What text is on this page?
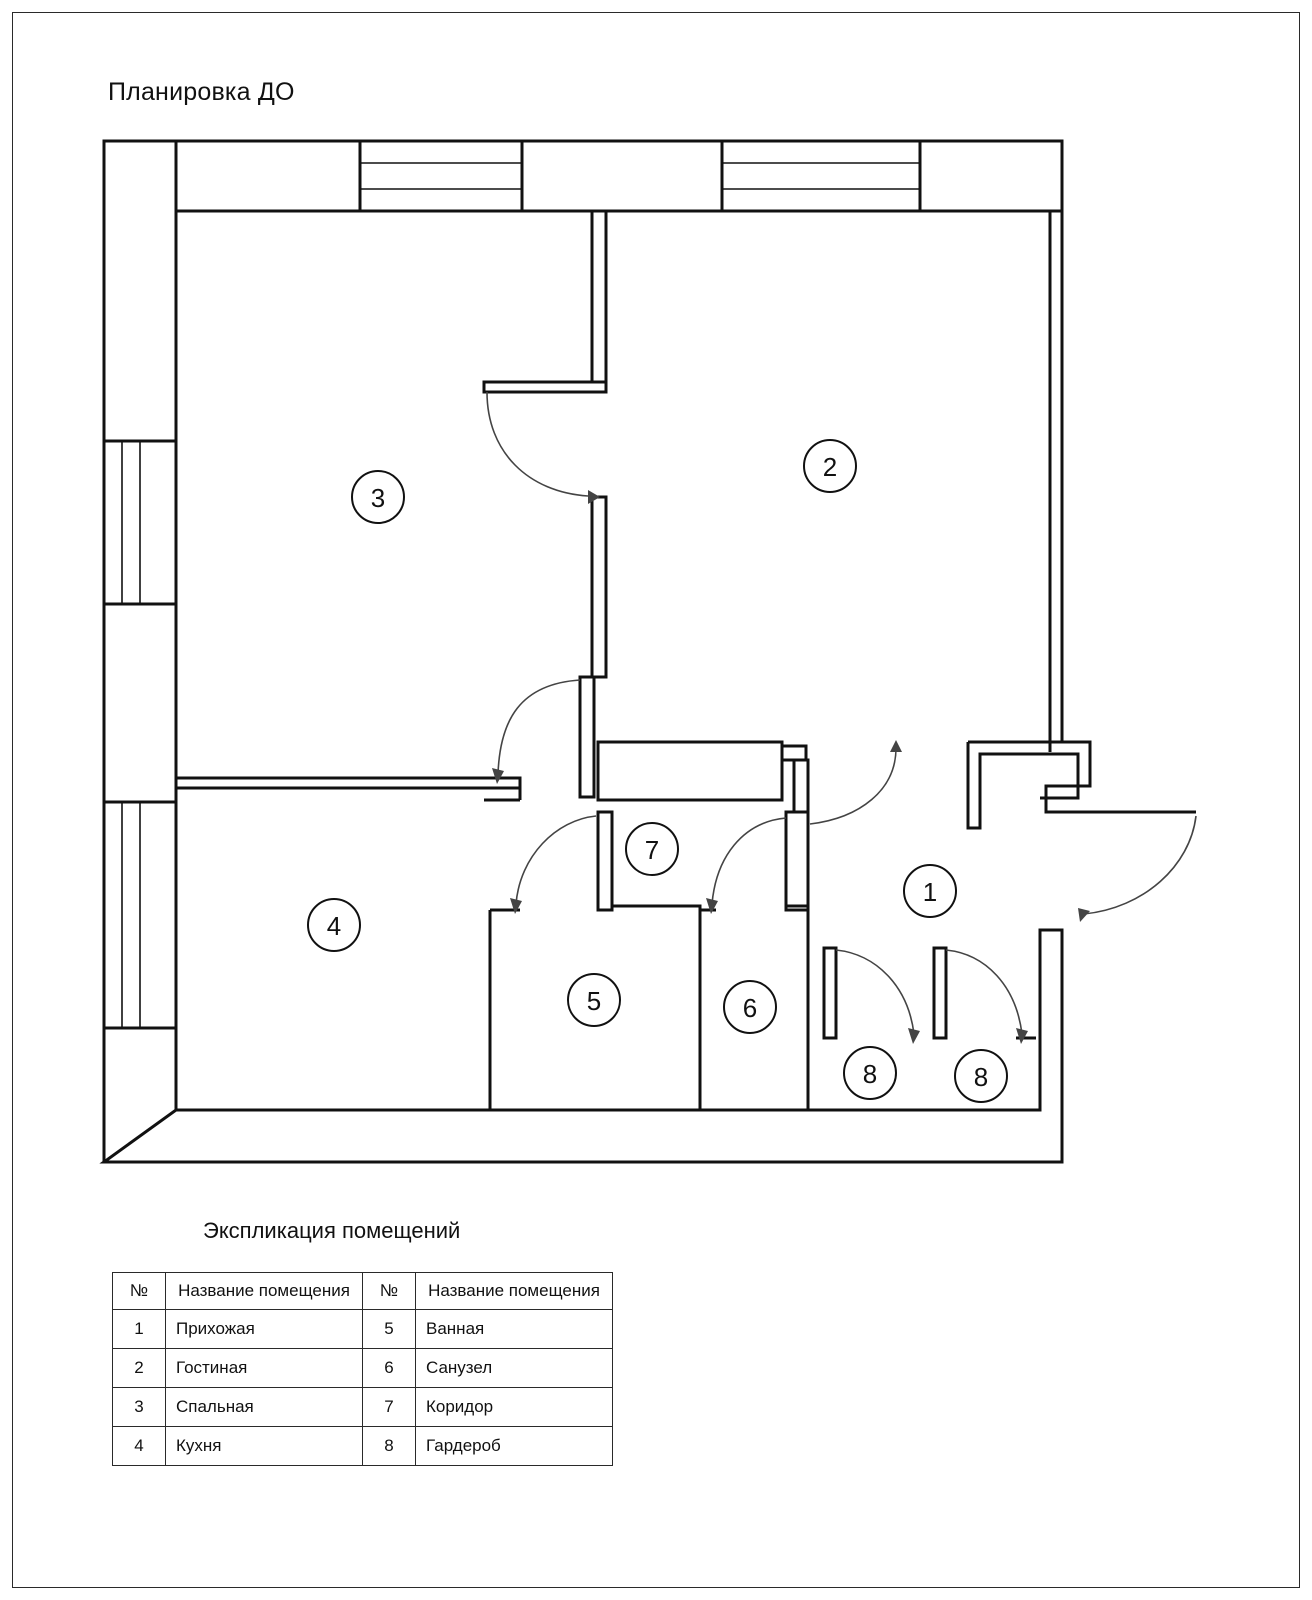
Планировка ДО
3
2
4
7
1
5	6
8	8
Экспликация помещений
№	Название помещения	№	Название помещения
1	Прихожая	5	Ванная
2	Гостиная	6	Санузел
3	Спальная	7	Коридор
4	Кухня	8	Гардероб
